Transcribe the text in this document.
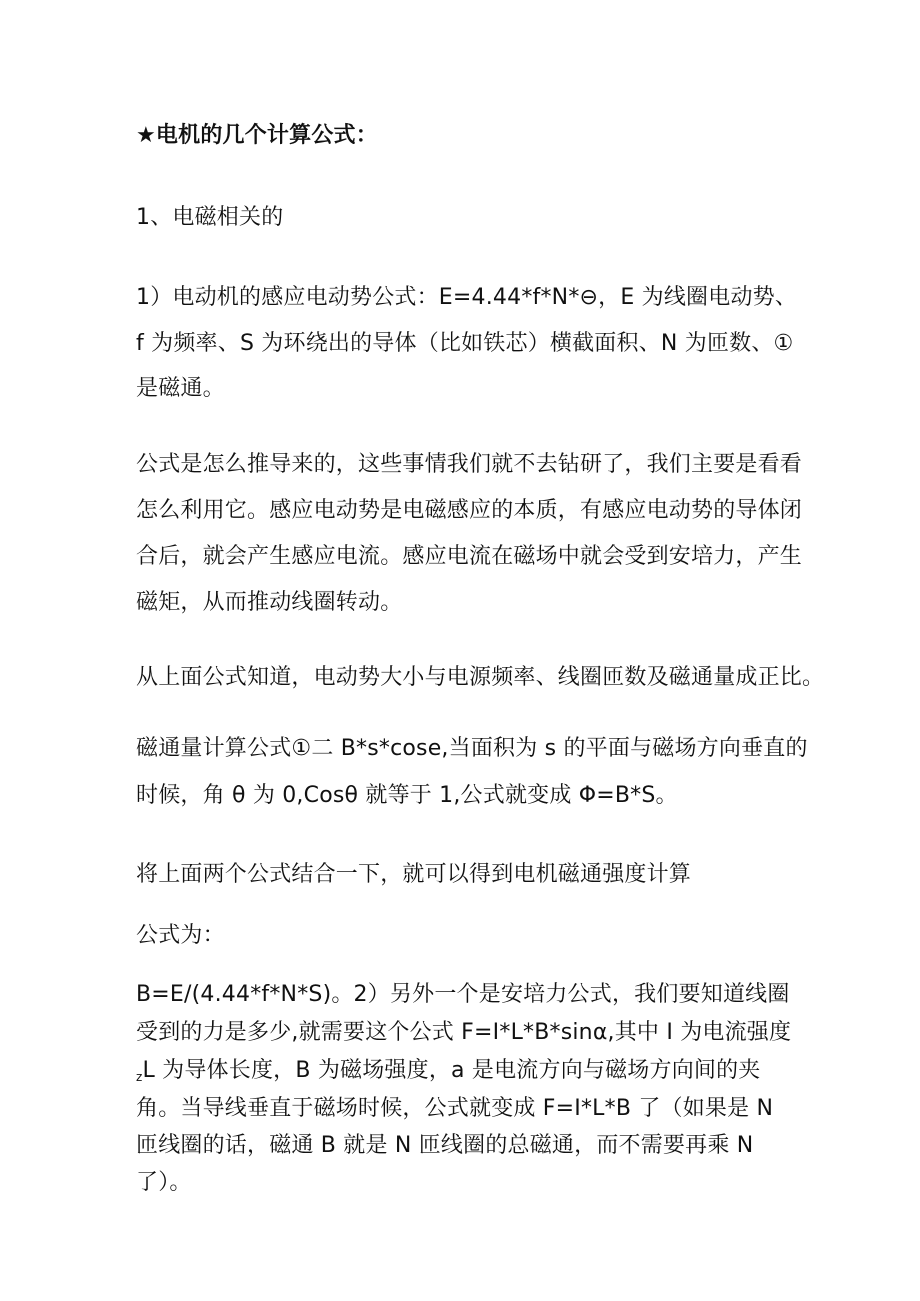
★电机的几个计算公式：
1、电磁相关的
1）电动机的感应电动势公式：E=4.44*f*N*⊖，E 为线圈电动势、
f 为频率、S 为环绕出的导体（比如铁芯）横截面积、N 为匝数、①
是磁通。
公式是怎么推导来的，这些事情我们就不去钻研了，我们主要是看看
怎么利用它。感应电动势是电磁感应的本质，有感应电动势的导体闭
合后，就会产生感应电流。感应电流在磁场中就会受到安培力，产生
磁矩，从而推动线圈转动。
从上面公式知道，电动势大小与电源频率、线圈匝数及磁通量成正比。
磁通量计算公式①二 B*s*cose,当面积为 s 的平面与磁场方向垂直的
时候，角 θ 为 0,Cosθ 就等于 1,公式就变成 Φ=B*S。
将上面两个公式结合一下，就可以得到电机磁通强度计算
公式为：
B=E/(4.44*f*N*S)。2）另外一个是安培力公式，我们要知道线圈
受到的力是多少,就需要这个公式 F=I*L*B*sinα,其中 I 为电流强度
$_z$L 为导体长度，B 为磁场强度，a 是电流方向与磁场方向间的夹
角。当导线垂直于磁场时候，公式就变成 F=I*L*B 了（如果是 N
匝线圈的话，磁通 B 就是 N 匝线圈的总磁通，而不需要再乘 N
了）。
